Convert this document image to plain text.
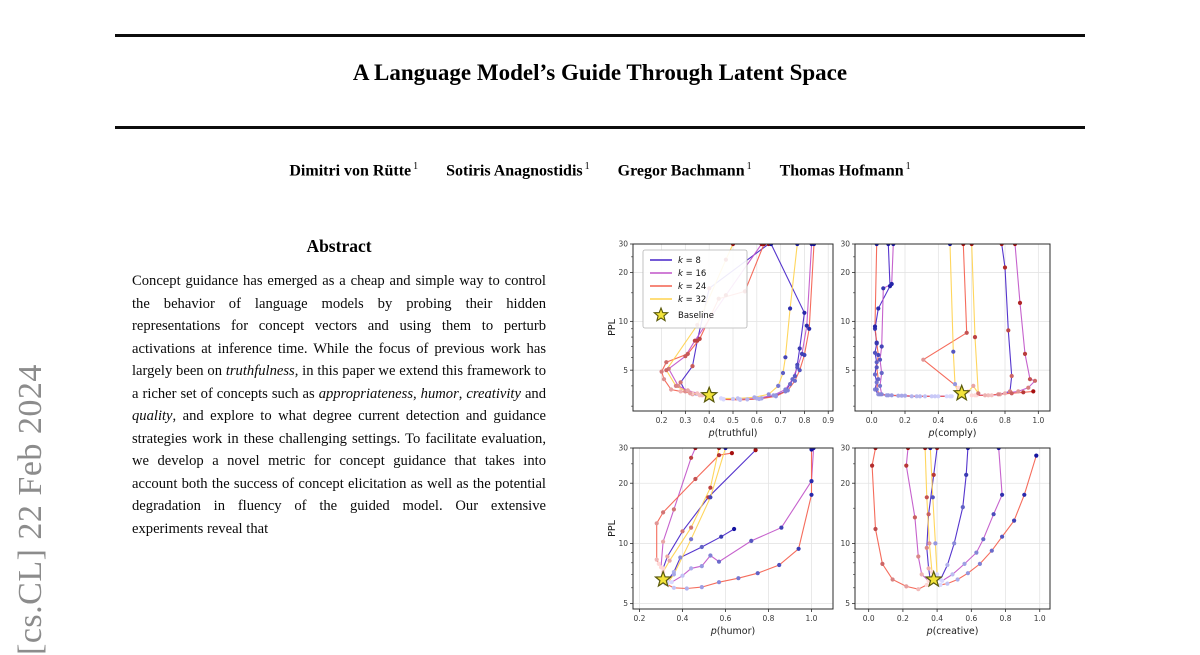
[cs.CL] 22 Feb 2024
A Language Model’s Guide Through Latent Space
Dimitri von Rütte $^1$ Sotiris Anagnostidis $^1$ Gregor Bachmann $^1$ Thomas Hofmann $^1$
Abstract

Concept guidance has emerged as a cheap and simple way to control the behavior of language models by probing their hidden representations for concept vectors and using them to perturb activations at inference time. While the focus of previous work has largely been on truthfulness, in this paper we extend this framework to a richer set of concepts such as appropriateness, humor, creativity and quality, and explore to what degree current detection and guidance strategies work in these challenging settings. To facilitate evaluation, we develop a novel metric for concept guidance that takes into account both the success of concept elicitation as well as the potential degradation in fluency of the guided model. Our extensive experiments reveal that

0.2 0.3 0.4 0.5 0.6 0.7 0.8 0.9
5
10
20
30
p(truthful)
PPL
k = 8
k = 16
k = 24
k = 32
Baseline
0.0	0.2	0.4	0.6	0.8	1.0
5
10
20
30
p(comply)
0.2	0.4	0.6	0.8	1.0
5
10
20
30
p(humor)
PPL
0.0	0.2	0.4	0.6	0.8	1.0
5
10
20
30
p(creative)
